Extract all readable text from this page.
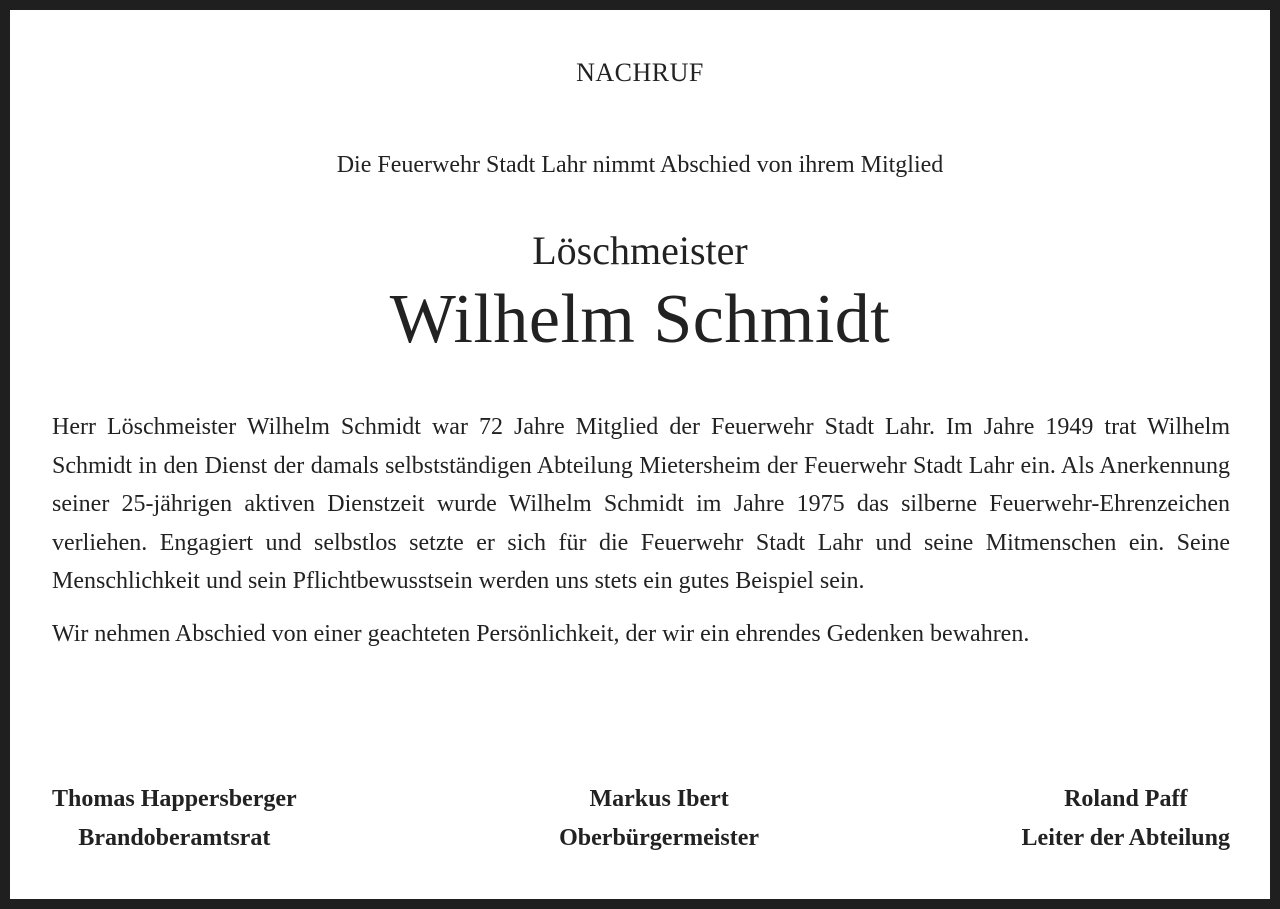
NACHRUF
Die Feuerwehr Stadt Lahr nimmt Abschied von ihrem Mitglied
Löschmeister
Wilhelm Schmidt

Herr Löschmeister Wilhelm Schmidt war 72 Jahre Mitglied der Feuerwehr Stadt Lahr. Im Jahre 1949 trat Wilhelm Schmidt in den Dienst der damals selbstständigen Abteilung Mietersheim der Feuerwehr Stadt Lahr ein. Als Anerkennung seiner 25-jährigen aktiven Dienstzeit wurde Wilhelm Schmidt im Jahre 1975 das silberne Feuerwehr-Ehrenzeichen verliehen. Engagiert und selbstlos setzte er sich für die Feuerwehr Stadt Lahr und seine Mitmenschen ein. Seine Menschlichkeit und sein Pflichtbewusstsein werden uns stets ein gutes Beispiel sein.

Wir nehmen Abschied von einer geachteten Persönlichkeit, der wir ein ehrendes Gedenken bewahren.

Thomas Happersberger
Brandoberamtsrat
Markus Ibert
Oberbürgermeister
Roland Paff
Leiter der Abteilung
